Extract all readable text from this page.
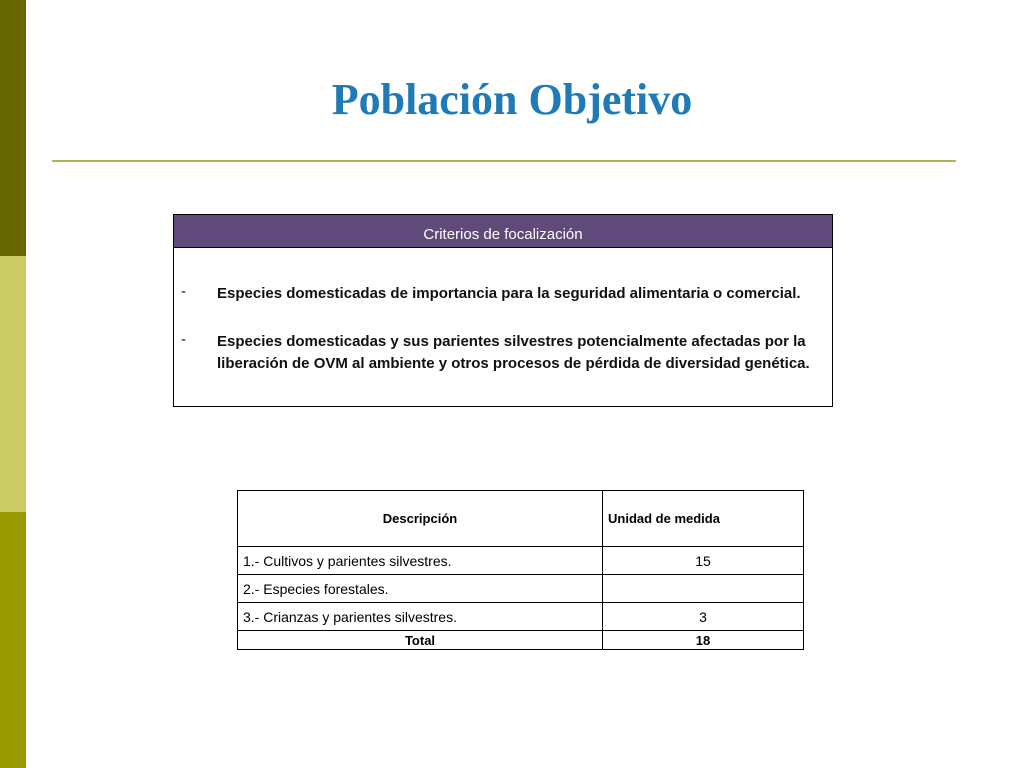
Población Objetivo
Criterios de focalización
- Especies domesticadas de importancia para la seguridad alimentaria o comercial.
- Especies domesticadas y sus parientes silvestres potencialmente afectadas por la liberación de OVM al ambiente y otros procesos de pérdida de diversidad genética.
Descripción	Unidad de medida
1.- Cultivos y parientes silvestres.	15
2.- Especies forestales.	
3.- Crianzas y parientes silvestres.	3
Total	18
